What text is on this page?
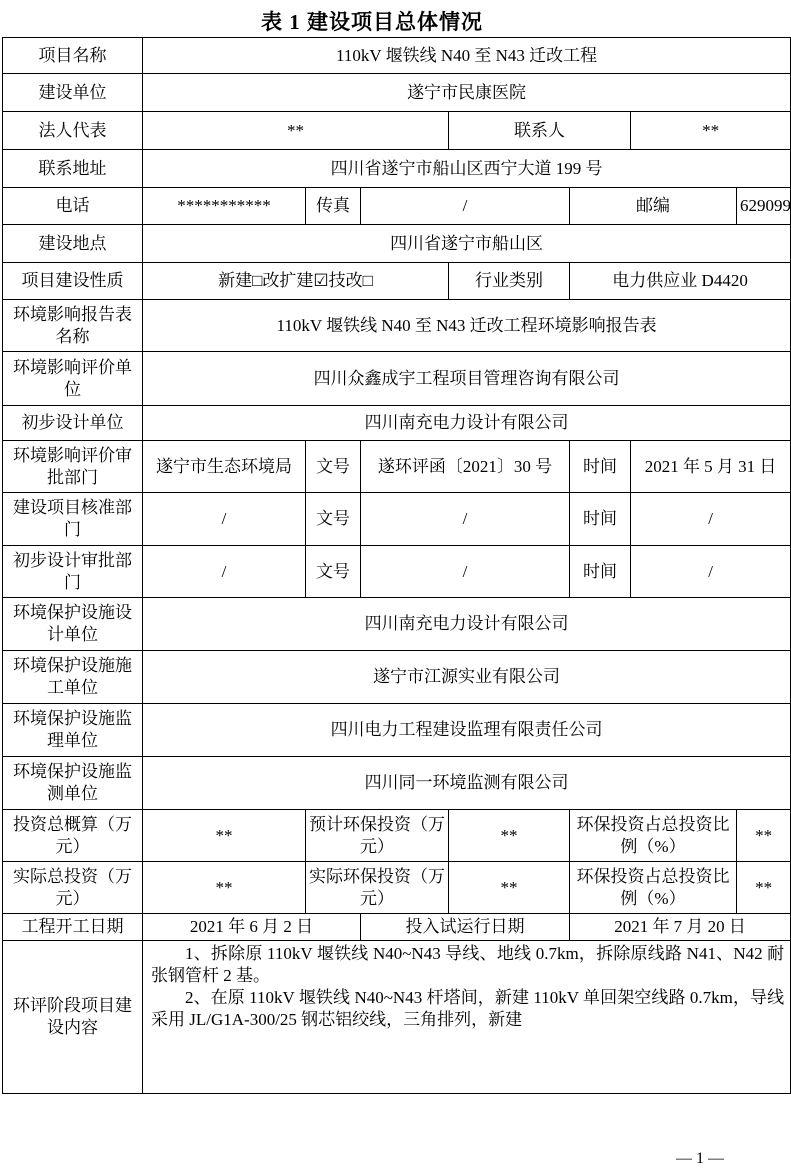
表 1 建设项目总体情况
项目名称	110kV 堰铁线 N40 至 N43 迁改工程						
建设单位	遂宁市民康医院						
法人代表	**			联系人		**	
联系地址	四川省遂宁市船山区西宁大道 199 号						
电话	***********	传真	/		邮编		629099
建设地点	四川省遂宁市船山区						
项目建设性质	新建□改扩建☑技改□			行业类别	电力供应业 D4420		
环境影响报告表名称	110kV 堰铁线 N40 至 N43 迁改工程环境影响报告表						
环境影响评价单位	四川众鑫成宇工程项目管理咨询有限公司						
初步设计单位	四川南充电力设计有限公司						
环境影响评价审批部门	遂宁市生态环境局	文号	遂环评函〔2021〕30 号		时间	2021 年 5 月 31 日	
建设项目核准部门	/	文号	/		时间	/	
初步设计审批部门	/	文号	/		时间	/	
环境保护设施设计单位	四川南充电力设计有限公司						
环境保护设施施工单位	遂宁市江源实业有限公司						
环境保护设施监理单位	四川电力工程建设监理有限责任公司						
环境保护设施监测单位	四川同一环境监测有限公司						
投资总概算（万元）	**	预计环保投资（万元）		**	环保投资占总投资比例（%）		**
实际总投资（万元）	**	实际环保投资（万元）		**	环保投资占总投资比例（%）		**
工程开工日期	2021 年 6 月 2 日		投入试运行日期		2021 年 7 月 20 日		
环评阶段项目建设内容	1、拆除原 110kV 堰铁线 N40~N43 导线、地线 0.7km，拆除原线路 N41、N42 耐张钢管杆 2 基。

2、在原 110kV 堰铁线 N40~N43 杆塔间，新建 110kV 单回架空线路 0.7km，导线采用 JL/G1A-300/25 钢芯铝绞线，三角排列，新建						

— 1 —
